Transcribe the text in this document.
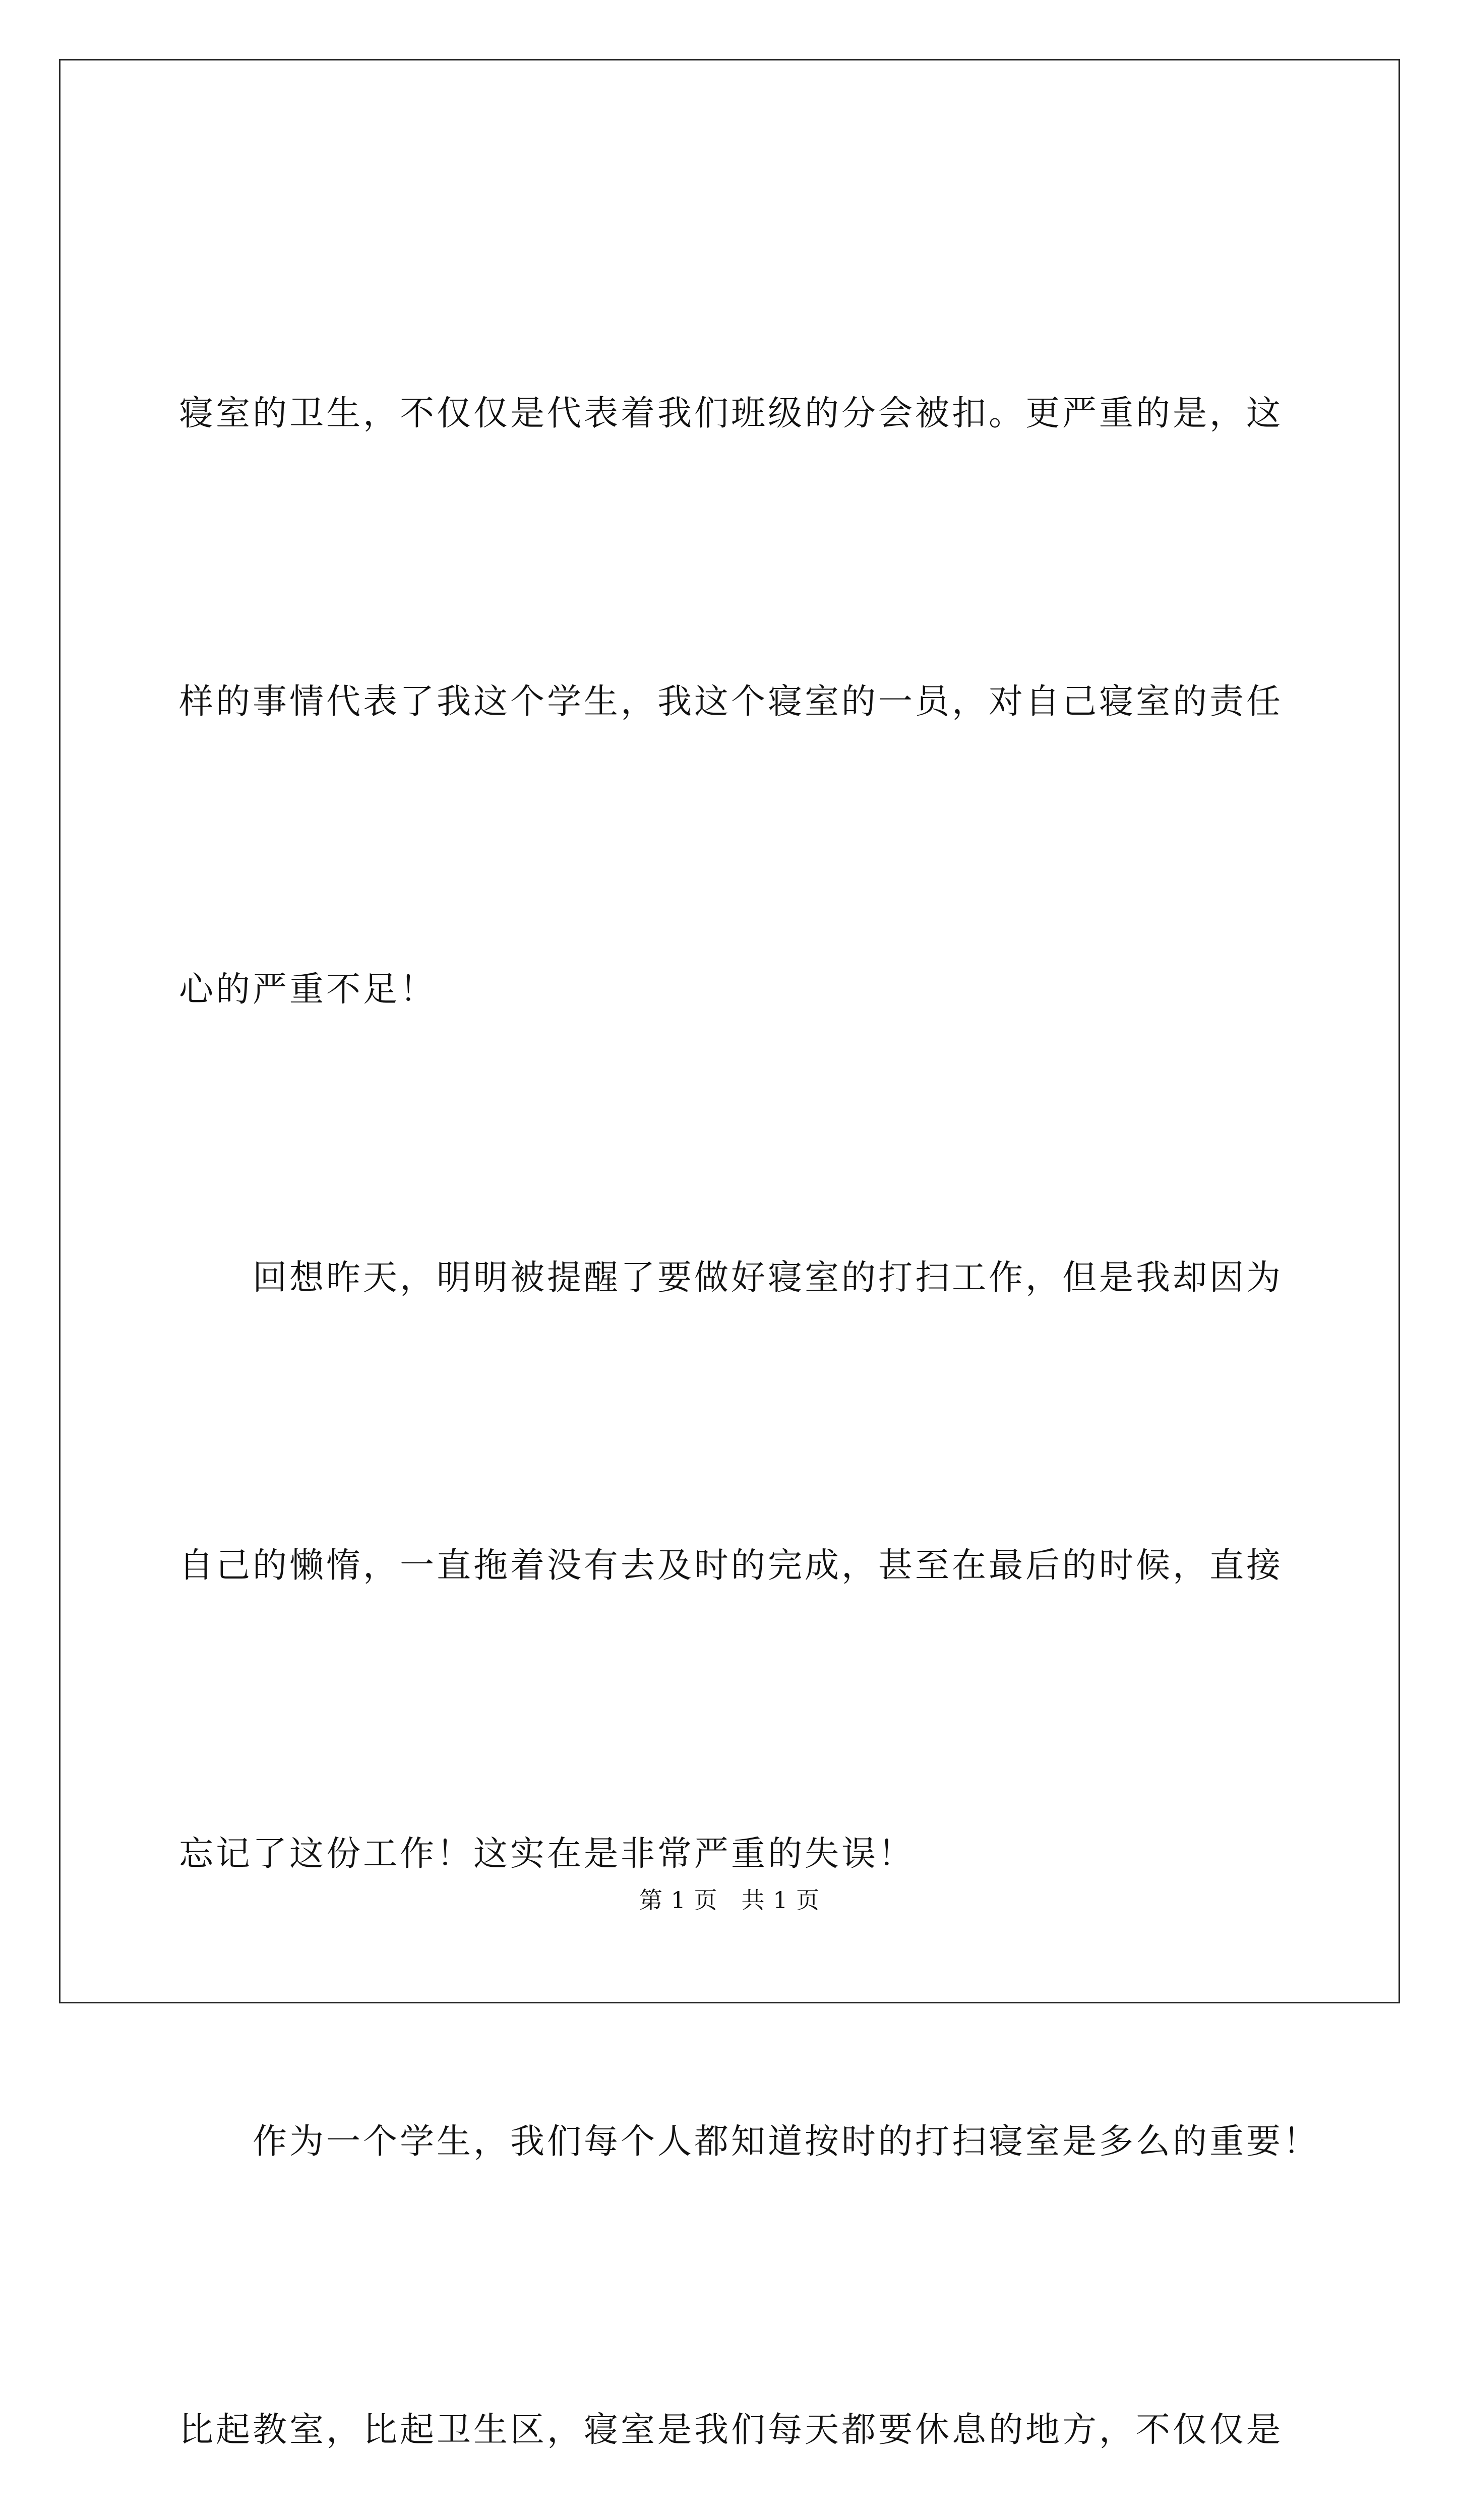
寝室的卫生，不仅仅是代表着我们班级的分会被扣。更严重的是，这

样的事情代表了我这个学生，我这个寝室的一员，对自己寝室的责任

心的严重不足！

　　回想昨天，明明被提醒了要做好寝室的打扫工作，但是我却因为

自己的懒惰，一直拖着没有去及时的完成，甚至在最后的时候，直接

忘记了这份工作！这实在是非常严重的失误！

　　作为一个学生，我们每个人都知道按时的打扫寝室是多么的重要！

比起教室，比起卫生区，寝室是我们每天都要休息的地方，不仅仅是

第 1 页　共 1 页
